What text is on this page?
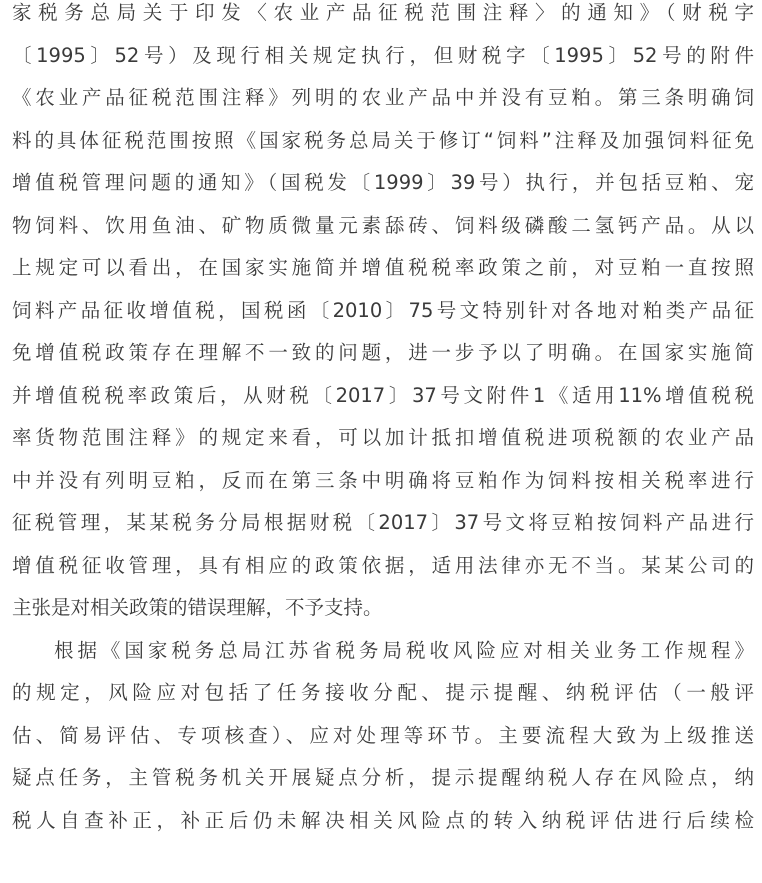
家税务总局关于印发〈农业产品征税范围注释〉的通知》（财税字
〔1995〕52号）及现行相关规定执行，但财税字〔1995〕52号的附件
《农业产品征税范围注释》列明的农业产品中并没有豆粕。第三条明确饲
料的具体征税范围按照《国家税务总局关于修订“饲料”注释及加强饲料征免
增值税管理问题的通知》（国税发〔1999〕39号）执行，并包括豆粕、宠
物饲料、饮用鱼油、矿物质微量元素舔砖、饲料级磷酸二氢钙产品。从以
上规定可以看出，在国家实施简并增值税税率政策之前，对豆粕一直按照
饲料产品征收增值税，国税函〔2010〕75号文特别针对各地对粕类产品征
免增值税政策存在理解不一致的问题，进一步予以了明确。在国家实施简
并增值税税率政策后，从财税〔2017〕37号文附件1《适用11%增值税税
率货物范围注释》的规定来看，可以加计抵扣增值税进项税额的农业产品
中并没有列明豆粕，反而在第三条中明确将豆粕作为饲料按相关税率进行
征税管理，某某税务分局根据财税〔2017〕37号文将豆粕按饲料产品进行
增值税征收管理，具有相应的政策依据，适用法律亦无不当。某某公司的
主张是对相关政策的错误理解，不予支持。
根据《国家税务总局江苏省税务局税收风险应对相关业务工作规程》
的规定，风险应对包括了任务接收分配、提示提醒、纳税评估（一般评
估、简易评估、专项核查）、应对处理等环节。主要流程大致为上级推送
疑点任务，主管税务机关开展疑点分析，提示提醒纳税人存在风险点，纳
税人自查补正，补正后仍未解决相关风险点的转入纳税评估进行后续检
